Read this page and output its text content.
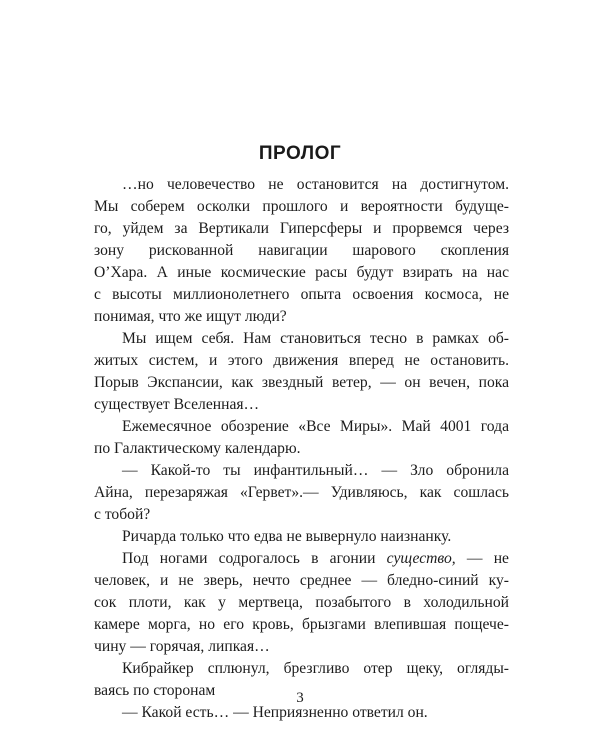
ПРОЛОГ
…но человечество не остановится на достигнутом.
Мы соберем осколки прошлого и вероятности будуще-
го, уйдем за Вертикали Гиперсферы и прорвемся через
зону рискованной навигации шарового скопления
О’Хара. А иные космические расы будут взирать на нас
с высоты миллионолетнего опыта освоения космоса, не
понимая, что же ищут люди?
Мы ищем себя. Нам становиться тесно в рамках об-
житых систем, и этого движения вперед не остановить.
Порыв Экспансии, как звездный ветер, — он вечен, пока
существует Вселенная…
Ежемесячное обозрение «Все Миры». Май 4001 года
по Галактическому календарю.
— Какой-то ты инфантильный… — Зло обронила
Айна, перезаряжая «Гервет».— Удивляюсь, как сошлась
с тобой?
Ричарда только что едва не вывернуло наизнанку.
Под ногами содрогалось в агонии существо, — не
человек, и не зверь, нечто среднее — бледно-синий ку-
сок плоти, как у мертвеца, позабытого в холодильной
камере морга, но его кровь, брызгами влепившая пощече-
чину — горячая, липкая…
Кибрайкер сплюнул, брезгливо отер щеку, огляды-
ваясь по сторонам
— Какой есть… — Неприязненно ответил он.
3
